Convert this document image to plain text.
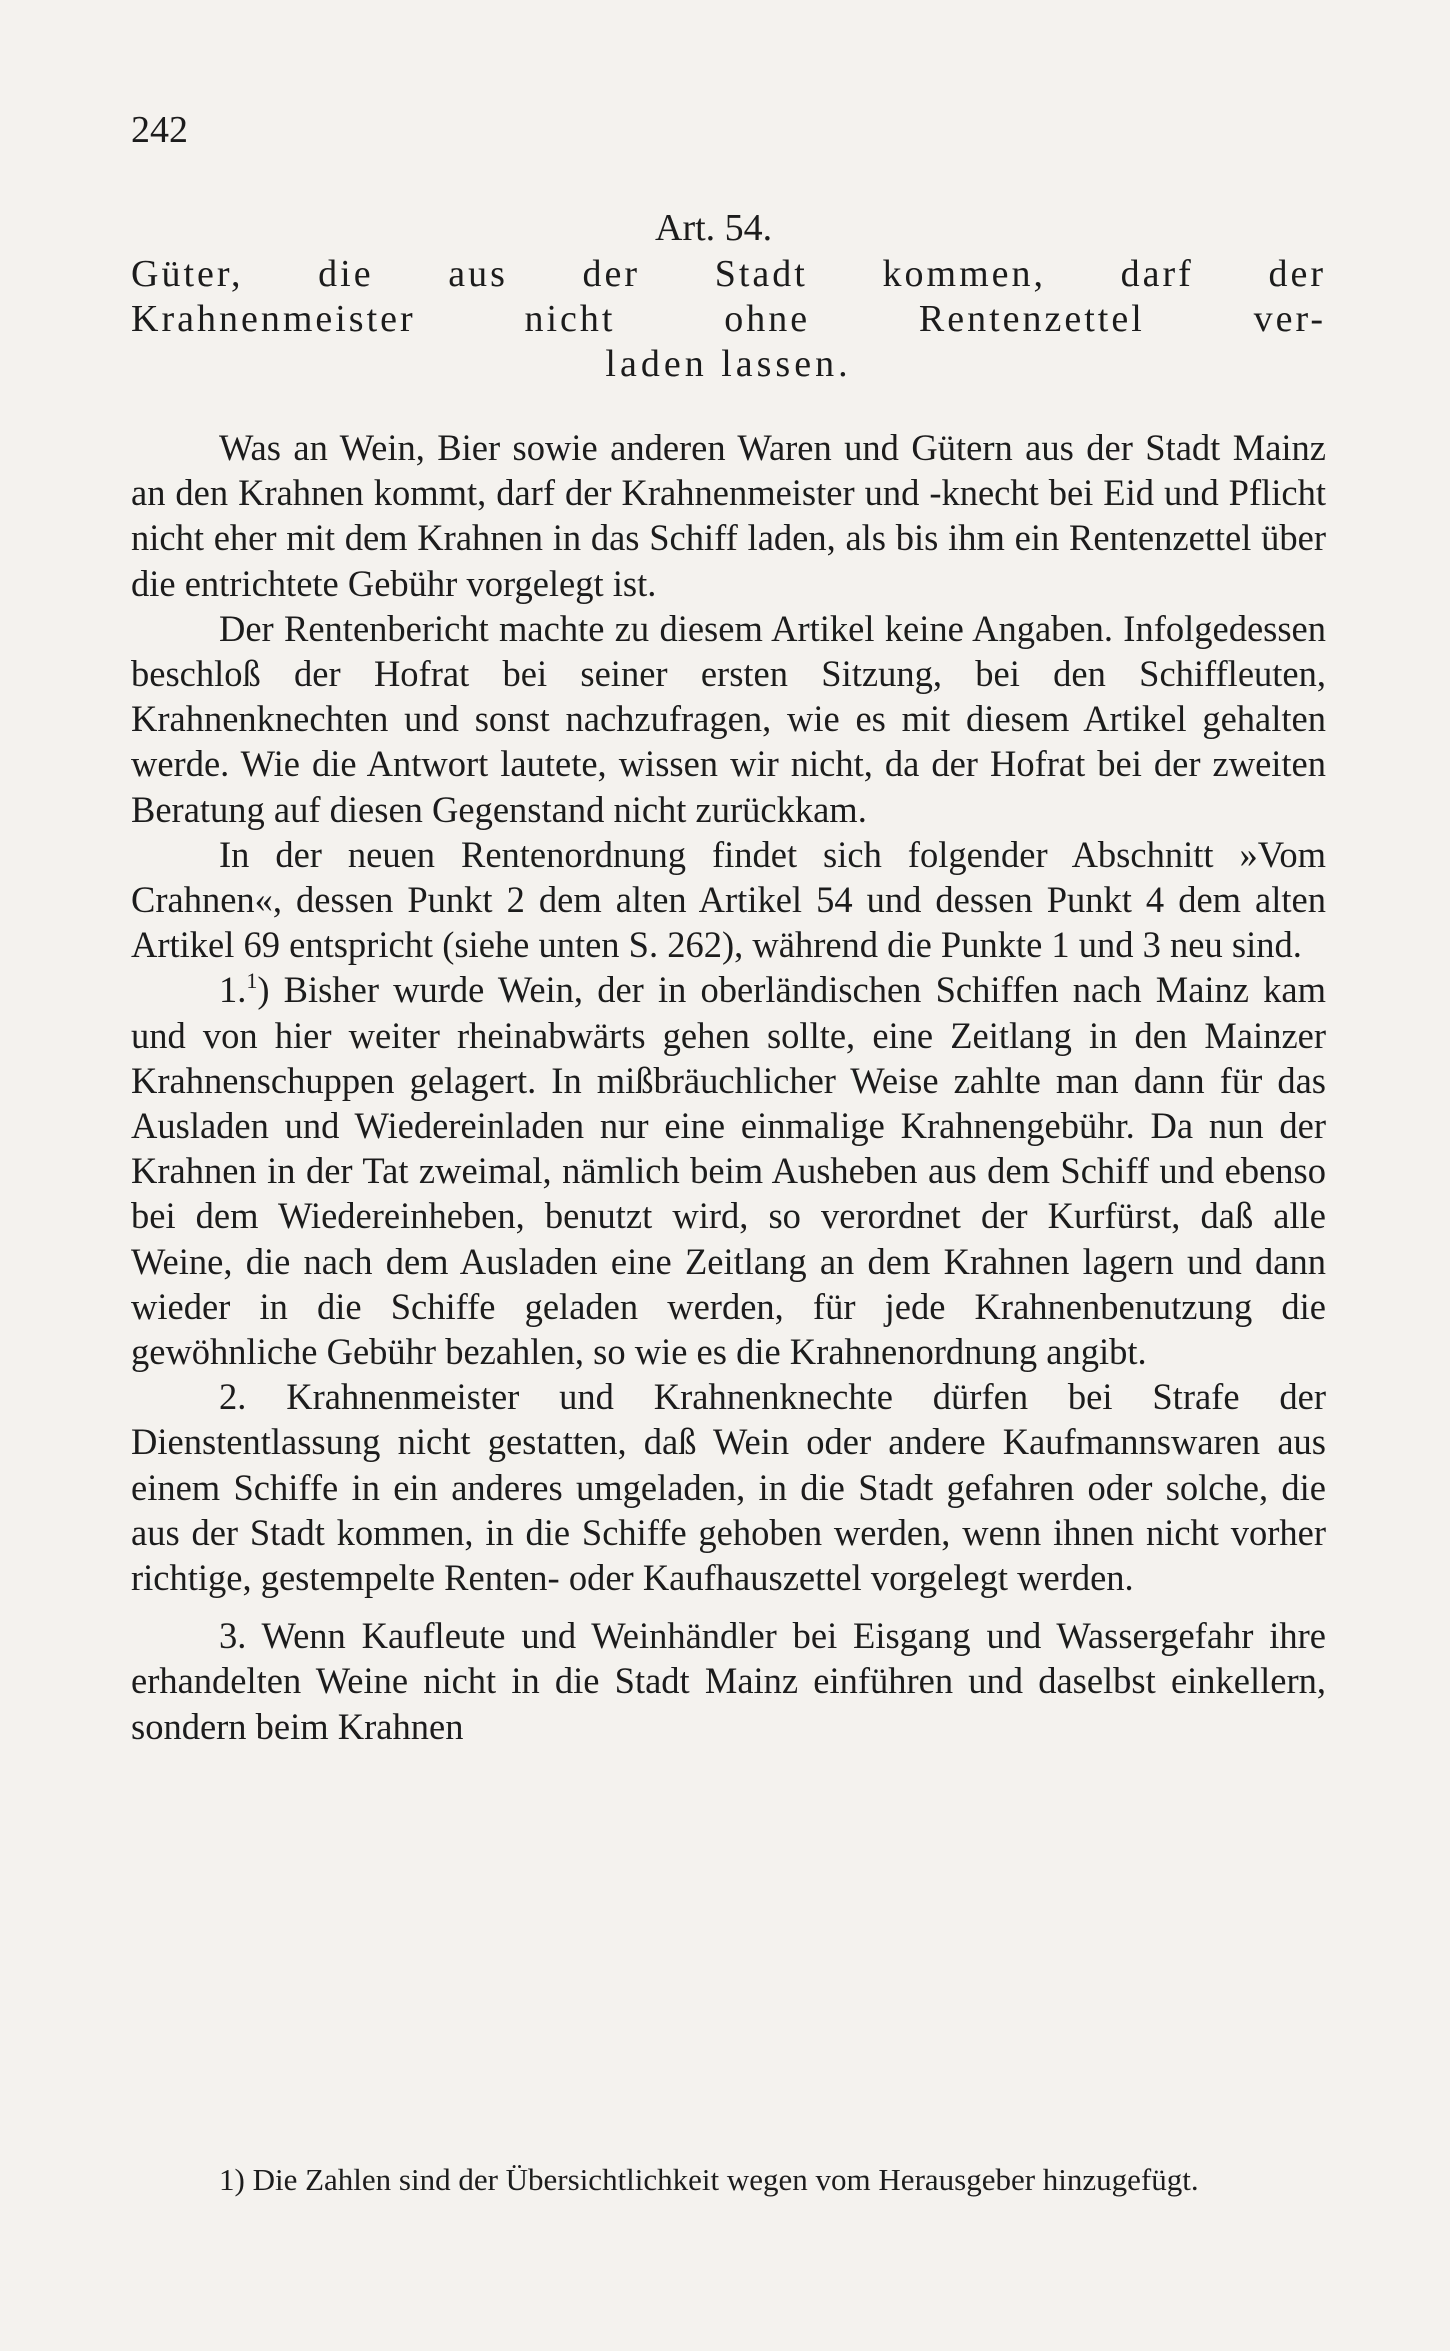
242
Art. 54.
Güter, die aus der Stadt kommen, darf der
Krahnenmeister nicht ohne Rentenzettel ver-
laden lassen.

Was an Wein, Bier sowie anderen Waren und Gütern aus der Stadt Mainz an den Krahnen kommt, darf der Krahnenmeister und -knecht bei Eid und Pflicht nicht eher mit dem Krahnen in das Schiff laden, als bis ihm ein Rentenzettel über die entrichtete Gebühr vorgelegt ist.

Der Rentenbericht machte zu diesem Artikel keine Angaben. Infolgedessen beschloß der Hofrat bei seiner ersten Sitzung, bei den Schiffleuten, Krahnenknechten und sonst nachzufragen, wie es mit diesem Artikel gehalten werde. Wie die Antwort lautete, wissen wir nicht, da der Hofrat bei der zweiten Beratung auf diesen Gegenstand nicht zurückkam.

In der neuen Rentenordnung findet sich folgender Abschnitt »Vom Crahnen«, dessen Punkt 2 dem alten Artikel 54 und dessen Punkt 4 dem alten Artikel 69 entspricht (siehe unten S. 262), während die Punkte 1 und 3 neu sind.

1.$^1$) Bisher wurde Wein, der in oberländischen Schiffen nach Mainz kam und von hier weiter rheinabwärts gehen sollte, eine Zeitlang in den Mainzer Krahnenschuppen gelagert. In mißbräuchlicher Weise zahlte man dann für das Ausladen und Wiedereinladen nur eine einmalige Krahnengebühr. Da nun der Krahnen in der Tat zweimal, nämlich beim Ausheben aus dem Schiff und ebenso bei dem Wiedereinheben, benutzt wird, so verordnet der Kurfürst, daß alle Weine, die nach dem Ausladen eine Zeitlang an dem Krahnen lagern und dann wieder in die Schiffe geladen werden, für jede Krahnenbenutzung die gewöhnliche Gebühr bezahlen, so wie es die Krahnenordnung angibt.

2. Krahnenmeister und Krahnenknechte dürfen bei Strafe der Dienstentlassung nicht gestatten, daß Wein oder andere Kaufmannswaren aus einem Schiffe in ein anderes umgeladen, in die Stadt gefahren oder solche, die aus der Stadt kommen, in die Schiffe gehoben werden, wenn ihnen nicht vorher richtige, gestempelte Renten- oder Kaufhauszettel vorgelegt werden.

3. Wenn Kaufleute und Weinhändler bei Eisgang und Wassergefahr ihre erhandelten Weine nicht in die Stadt Mainz einführen und daselbst einkellern, sondern beim Krahnen

1) Die Zahlen sind der Übersichtlichkeit wegen vom Herausgeber hinzugefügt.
